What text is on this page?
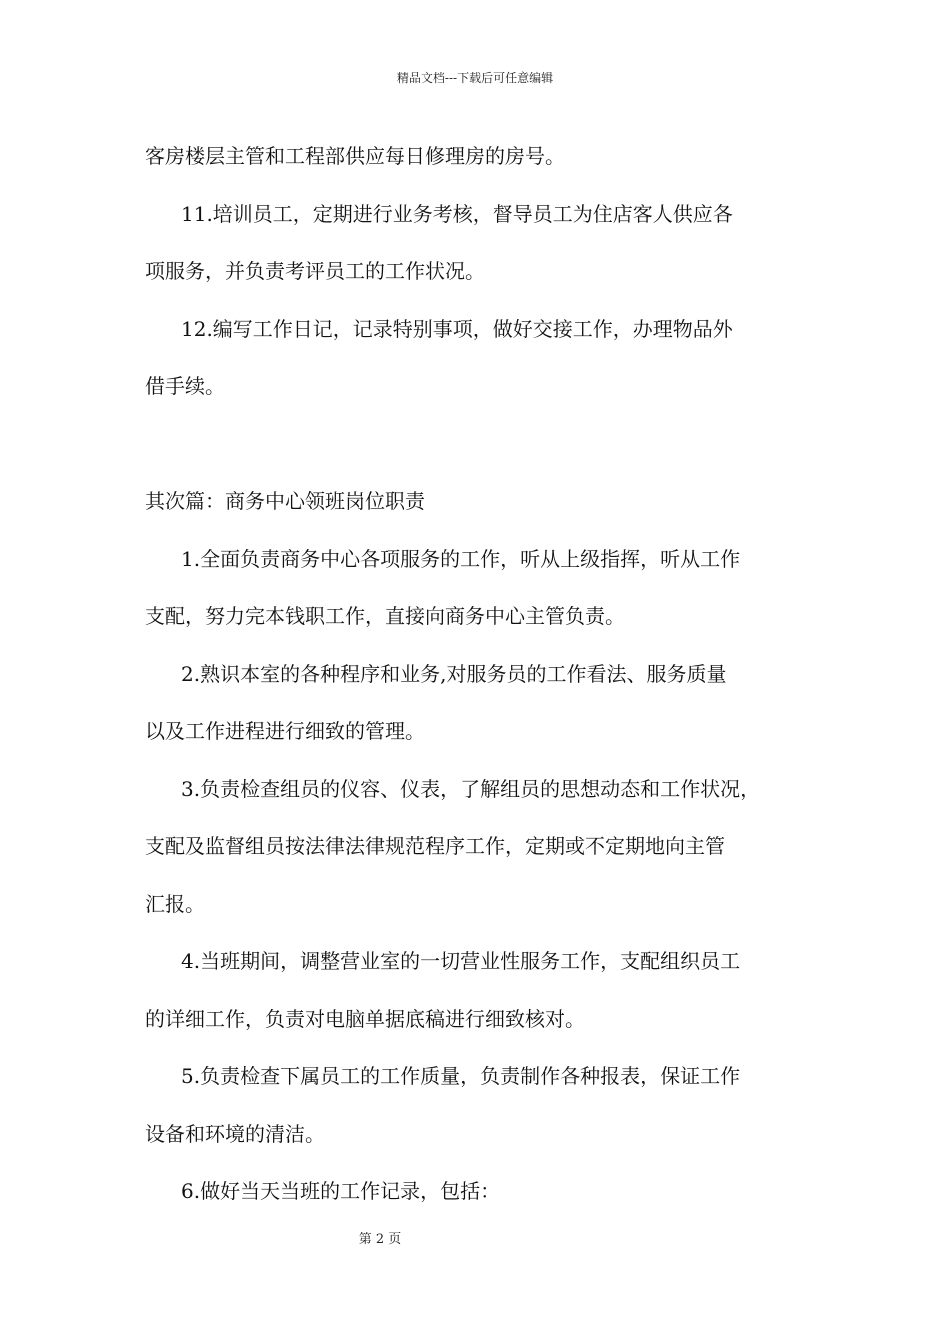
精品文档---下载后可任意编辑
客房楼层主管和工程部供应每日修理房的房号。
11.培训员工，定期进行业务考核，督导员工为住店客人供应各
项服务，并负责考评员工的工作状况。
12.编写工作日记，记录特别事项，做好交接工作，办理物品外
借手续。
其次篇：商务中心领班岗位职责
1.全面负责商务中心各项服务的工作，听从上级指挥，听从工作
支配，努力完本钱职工作，直接向商务中心主管负责。
2.熟识本室的各种程序和业务,对服务员的工作看法、服务质量
以及工作进程进行细致的管理。
3.负责检查组员的仪容、仪表，了解组员的思想动态和工作状况，
支配及监督组员按法律法律规范程序工作，定期或不定期地向主管
汇报。
4.当班期间，调整营业室的一切营业性服务工作，支配组织员工
的详细工作，负责对电脑单据底稿进行细致核对。
5.负责检查下属员工的工作质量，负责制作各种报表，保证工作
设备和环境的清洁。
6.做好当天当班的工作记录，包括：
第 2 页
